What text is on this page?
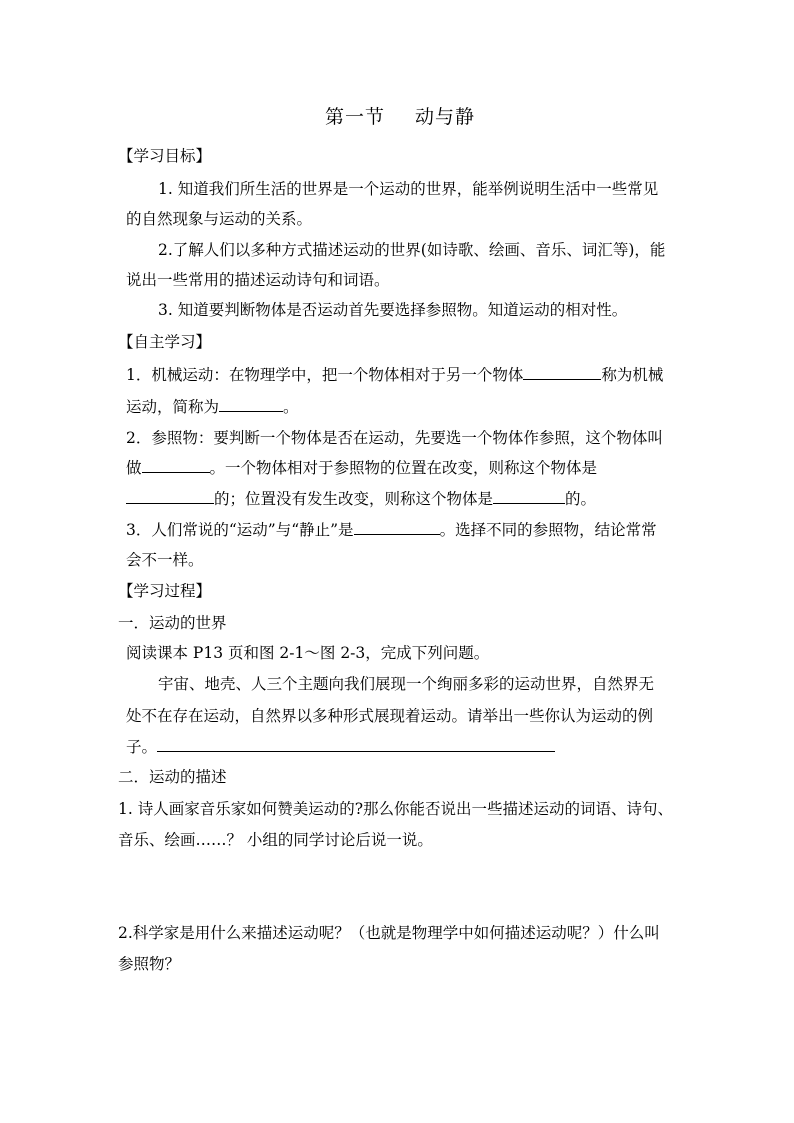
第一节 动与静
【学习目标】
1. 知道我们所生活的世界是一个运动的世界，能举例说明生活中一些常见
的自然现象与运动的关系。
2.了解人们以多种方式描述运动的世界(如诗歌、绘画、音乐、词汇等)，能
说出一些常用的描述运动诗句和词语。
3. 知道要判断物体是否运动首先要选择参照物。知道运动的相对性。
【自主学习】
1．机械运动：在物理学中，把一个物体相对于另一个物体	称为机械
运动，简称为	。
2．参照物：要判断一个物体是否在运动，先要选一个物体作参照，这个物体叫
做	。一个物体相对于参照物的位置在改变，则称这个物体是
的；位置没有发生改变，则称这个物体是	的。
3．人们常说的“运动”与“静止”是	。选择不同的参照物，结论常常
会不一样。
【学习过程】
一．运动的世界
阅读课本 P13 页和图 2-1～图 2-3，完成下列问题。
宇宙、地壳、人三个主题向我们展现一个绚丽多彩的运动世界，自然界无
处不在存在运动，自然界以多种形式展现着运动。请举出一些你认为运动的例
子。
二．运动的描述
1. 诗人画家音乐家如何赞美运动的?那么你能否说出一些描述运动的词语、诗句、
音乐、绘画……？ 小组的同学讨论后说一说。
2.科学家是用什么来描述运动呢？（也就是物理学中如何描述运动呢？）什么叫
参照物？
